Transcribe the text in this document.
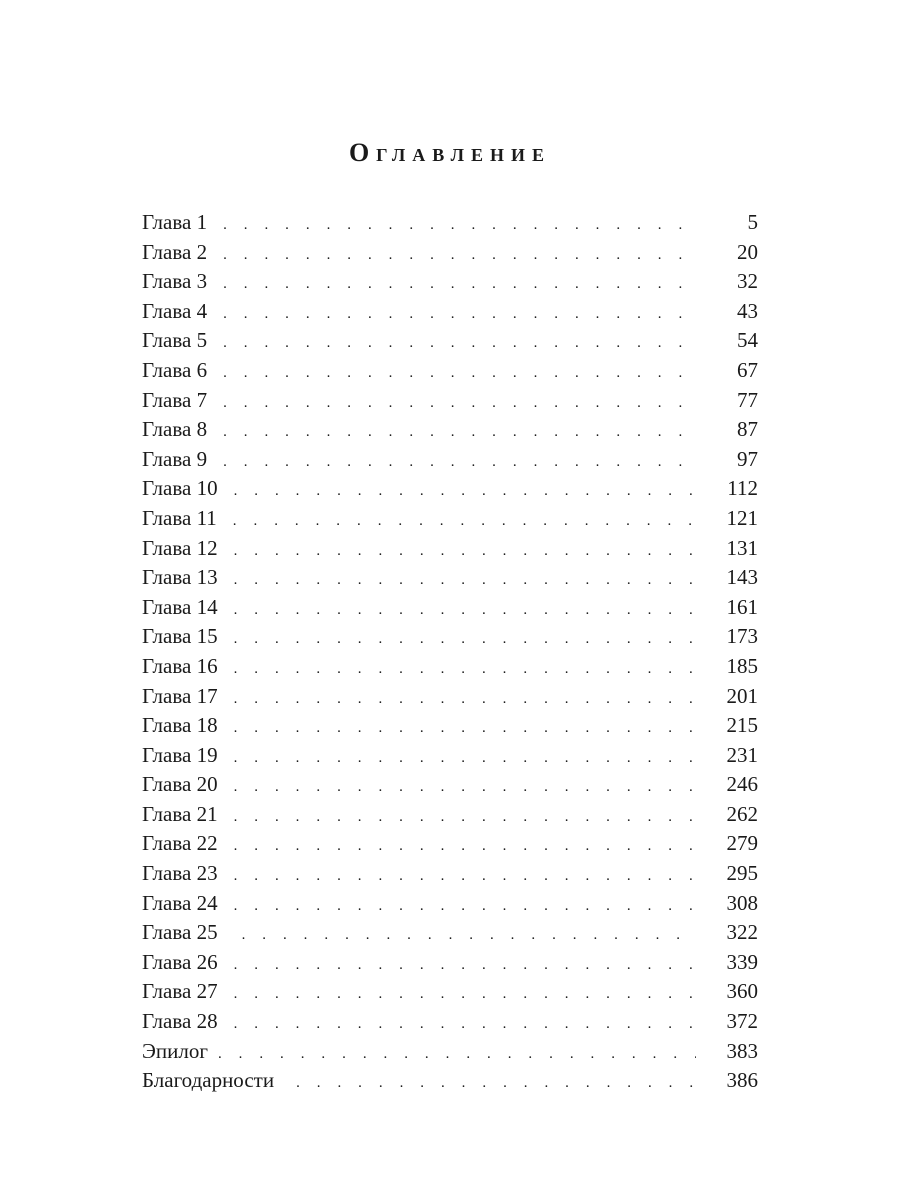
Оглавление
Глава 1 . . .	5
Глава 2 . . .	20
Глава 3 . . .	32
Глава 4 . . .	43
Глава 5 . . .	54
Глава 6 . . .	67
Глава 7 . . .	77
Глава 8 . . .	87
Глава 9 . . .	97
Глава 10 . . .	112
Глава 11 . . .	121
Глава 12 . . .	131
Глава 13 . . .	143
Глава 14 . . .	161
Глава 15 . . .	173
Глава 16 . . .	185
Глава 17 . . .	201
Глава 18 . . .	215
Глава 19 . . .	231
Глава 20 . . .	246
Глава 21 . . .	262
Глава 22 . . .	279
Глава 23 . . .	295
Глава 24 . . .	308
Глава 25 . . .	322
Глава 26 . . .	339
Глава 27 . . .	360
Глава 28 . . .	372
Эпилог . . .	383
Благодарности . . .	386
